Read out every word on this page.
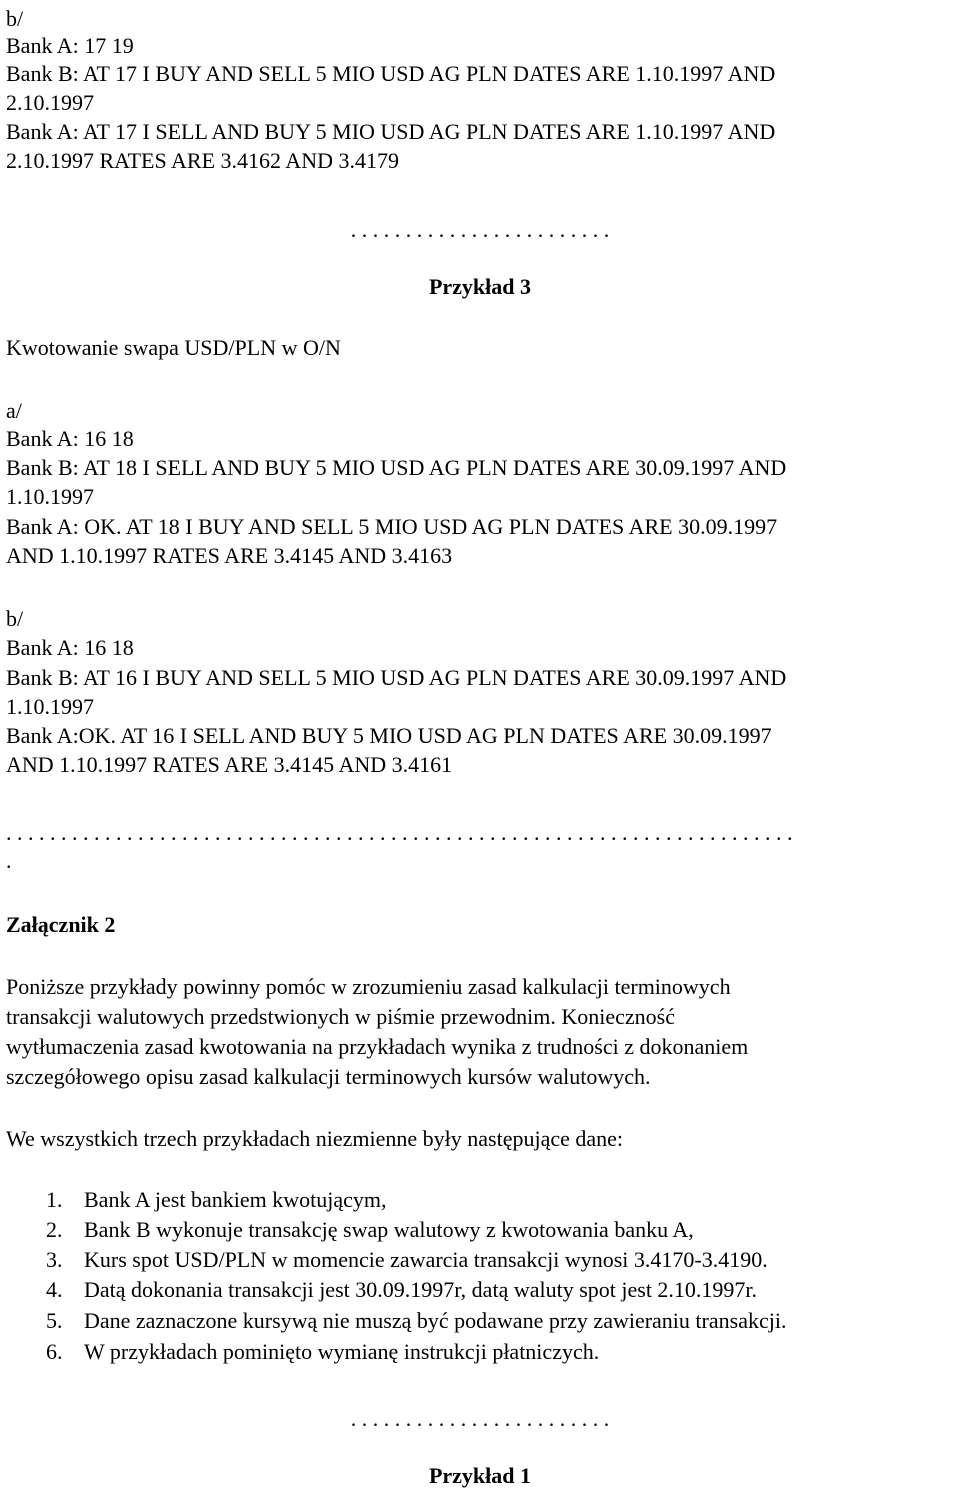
b/
Bank A: 17 19
Bank B: AT 17 I BUY AND SELL 5 MIO USD AG PLN DATES ARE 1.10.1997 AND
2.10.1997
Bank A: AT 17 I SELL AND BUY 5 MIO USD AG PLN DATES ARE 1.10.1997 AND
2.10.1997 RATES ARE 3.4162 AND 3.4179
. . . . . . . . . . . . . . . . . . . . . . . .
Przykład 3
Kwotowanie swapa USD/PLN w O/N
a/
Bank A: 16 18
Bank B: AT 18 I SELL AND BUY 5 MIO USD AG PLN DATES ARE 30.09.1997 AND
1.10.1997
Bank A: OK. AT 18 I BUY AND SELL 5 MIO USD AG PLN DATES ARE 30.09.1997
AND 1.10.1997 RATES ARE 3.4145 AND 3.4163
b/
Bank A: 16 18
Bank B: AT 16 I BUY AND SELL 5 MIO USD AG PLN DATES ARE 30.09.1997 AND
1.10.1997
Bank A:OK. AT 16 I SELL AND BUY 5 MIO USD AG PLN DATES ARE 30.09.1997
AND 1.10.1997 RATES ARE 3.4145 AND 3.4161
. . . . . . . . . . . . . . . . . . . . . . . . . . . . . . . . . . . . . . . . . . . . . . . . . . . . . . . . . . . . . . . . . . . . . . . .
.
Załącznik 2
Poniższe przykłady powinny pomóc w zrozumieniu zasad kalkulacji terminowych
transakcji walutowych przedstwionych w piśmie przewodnim. Konieczność
wytłumaczenia zasad kwotowania na przykładach wynika z trudności z dokonaniem
szczegółowego opisu zasad kalkulacji terminowych kursów walutowych.
We wszystkich trzech przykładach niezmienne były następujące dane:
1. Bank A jest bankiem kwotującym,
2. Bank B wykonuje transakcję swap walutowy z kwotowania banku A,
3. Kurs spot USD/PLN w momencie zawarcia transakcji wynosi 3.4170-3.4190.
4. Datą dokonania transakcji jest 30.09.1997r, datą waluty spot jest 2.10.1997r.
5. Dane zaznaczone kursywą nie muszą być podawane przy zawieraniu transakcji.
6. W przykładach pominięto wymianę instrukcji płatniczych.
. . . . . . . . . . . . . . . . . . . . . . . .
Przykład 1
